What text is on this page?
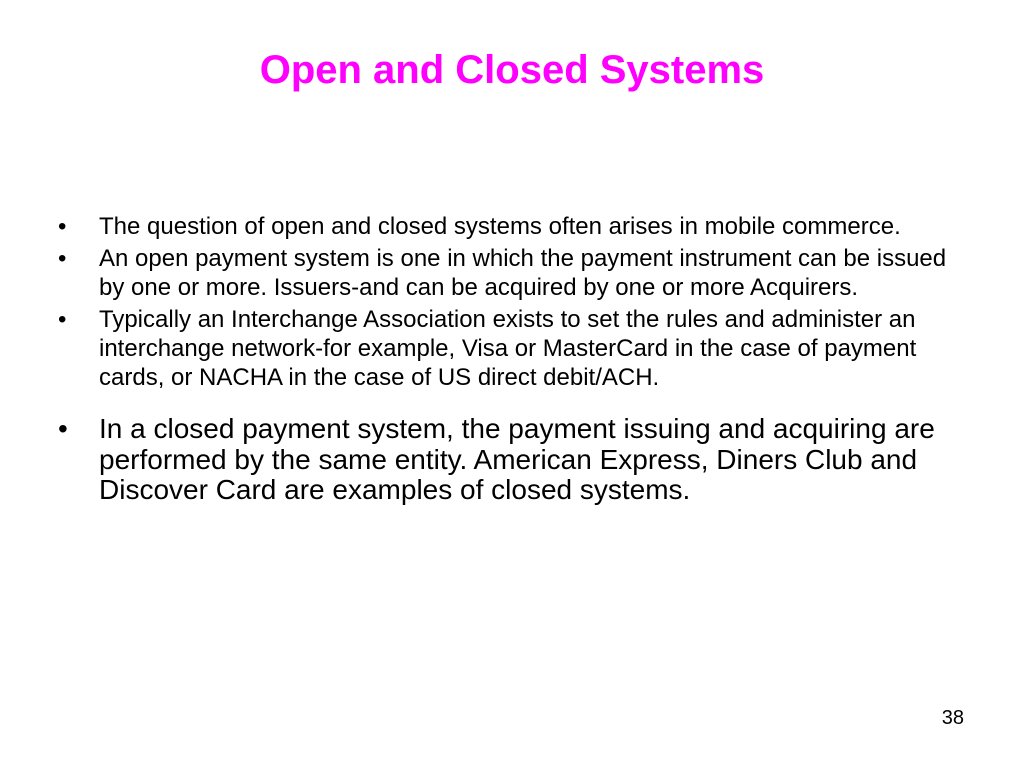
Open and Closed Systems
• The question of open and closed systems often arises in mobile commerce.
• An open payment system is one in which the payment instrument can be issued by one or more. Issuers-and can be acquired by one or more Acquirers.
• Typically an Interchange Association exists to set the rules and administer an interchange network-for example, Visa or MasterCard in the case of payment cards, or NACHA in the case of US direct debit/ACH.
• In a closed payment system, the payment issuing and acquiring are performed by the same entity. American Express, Diners Club and Discover Card are examples of closed systems.
38
